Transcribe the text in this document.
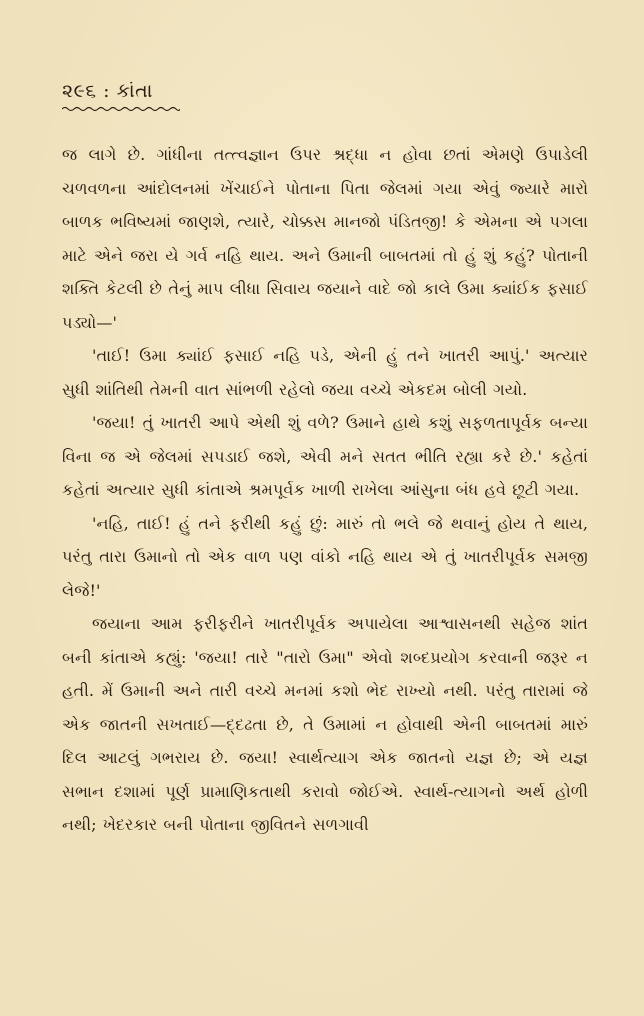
૨૯૬ : કાંતા

જ લાગે છે. ગાંધીના તત્ત્વજ્ઞાન ઉપર શ્રદ્ધા ન હોવા છતાં એમણે ઉપાડેલી ચળવળના આંદોલનમાં ખેંચાઈને પોતાના પિતા જેલમાં ગયા એવું જ્યારે મારો બાળક ભવિષ્યમાં જાણશે, ત્યારે, ચોક્કસ માનજો પંડિતજી! કે એમના એ પગલા માટે એને જરા યે ગર્વ નહિ થાય. અને ઉમાની બાબતમાં તો હું શું કહું? પોતાની શક્તિ કેટલી છે તેનું માપ લીધા સિવાય જયાને વાદે જો કાલે ઉમા ક્યાંઈક ફસાઈ પડ્યો—'

'તાઈ! ઉમા ક્યાંઈ ફસાઈ નહિ પડે, એની હું તને ખાતરી આપું.' અત્યાર સુધી શાંતિથી તેમની વાત સાંભળી રહેલો જયા વચ્ચે એકદમ બોલી ગયો.

'જયા! તું ખાતરી આપે એથી શું વળે? ઉમાને હાથે કશું સફળતાપૂર્વક બન્યા વિના જ એ જેલમાં સપડાઈ જશે, એવી મને સતત ભીતિ રહ્યા કરે છે.' કહેતાં કહેતાં અત્યાર સુધી કાંતાએ શ્રમપૂર્વક ખાળી રાખેલા આંસુના બંધ હવે છૂટી ગયા.

'નહિ, તાઈ! હું તને ફરીથી કહું છું: મારું તો ભલે જે થવાનું હોય તે થાય, પરંતુ તારા ઉમાનો તો એક વાળ પણ વાંકો નહિ થાય એ તું ખાતરીપૂર્વક સમજી લેજે!'

જયાના આમ ફરીફરીને ખાતરીપૂર્વક અપાયેલા આશ્વાસનથી સહેજ શાંત બની કાંતાએ કહ્યું: 'જયા! તારે "તારો ઉમા" એવો શબ્દપ્રયોગ કરવાની જરૂર ન હતી. મેં ઉમાની અને તારી વચ્ચે મનમાં કશો ભેદ રાખ્યો નથી. પરંતુ તારામાં જે એક જાતની સખતાઈ—દ્દઢતા છે, તે ઉમામાં ન હોવાથી એની બાબતમાં મારું દિલ આટલું ગભરાય છે. જયા! સ્વાર્થત્યાગ એક જાતનો યજ્ઞ છે; એ યજ્ઞ સભાન દશામાં પૂર્ણ પ્રામાણિકતાથી કરાવો જોઈએ. સ્વાર્થ-ત્યાગનો અર્થ હોળી નથી; ખેદરકાર બની પોતાના જીવિતને સળગાવી
